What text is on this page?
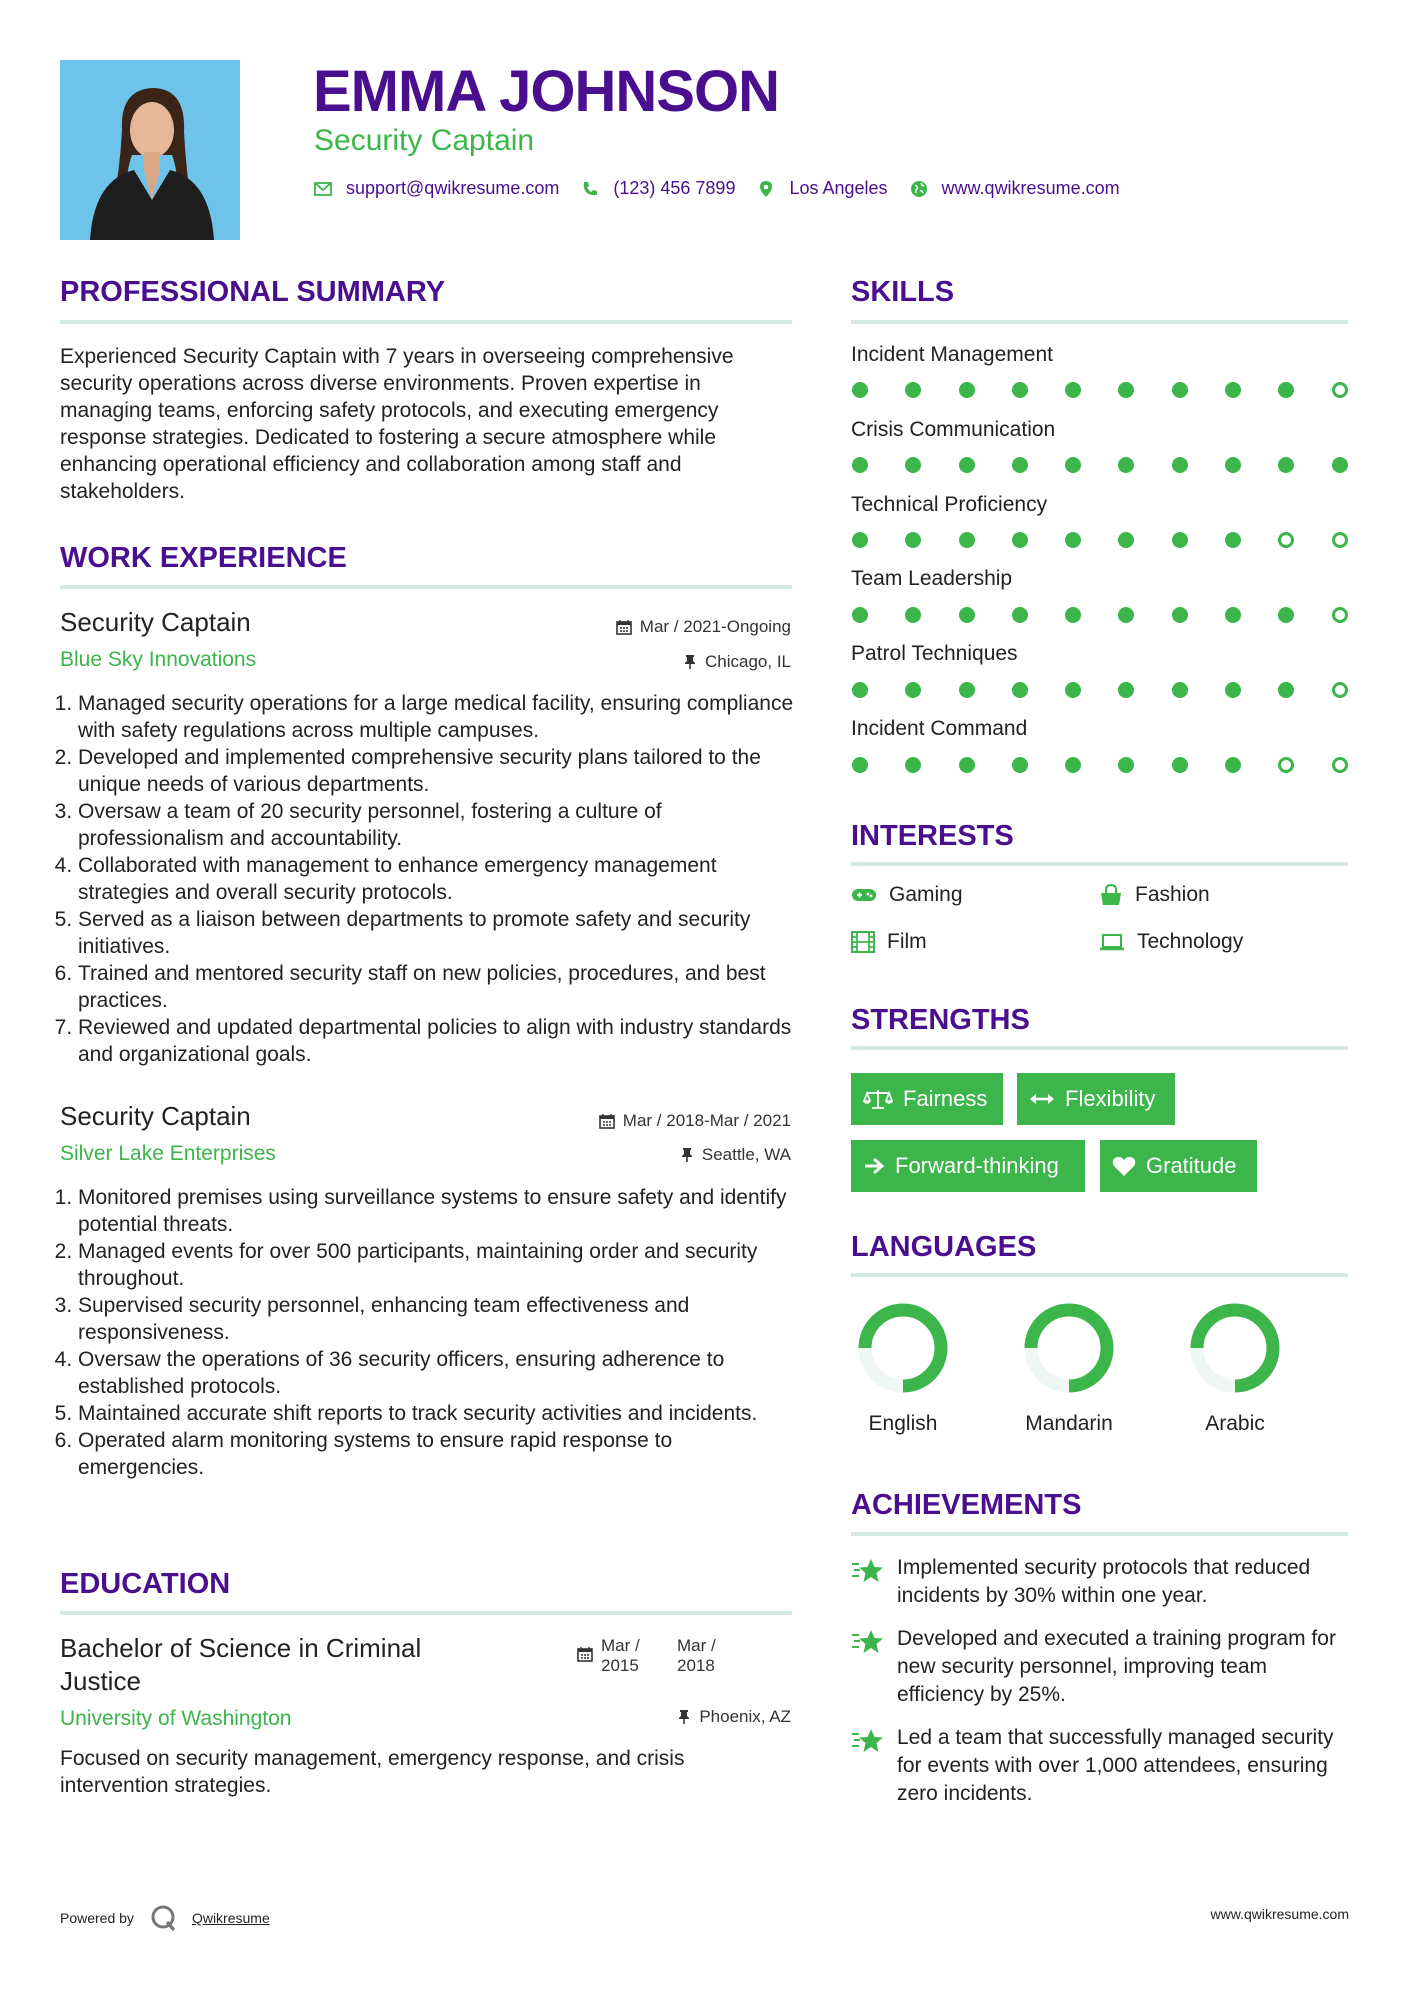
EMMA JOHNSON
Security Captain
support@qwikresume.com	(123) 456 7899	Los Angeles	www.qwikresume.com
PROFESSIONAL SUMMARY
Experienced Security Captain with 7 years in overseeing comprehensive security operations across diverse environments. Proven expertise in managing teams, enforcing safety protocols, and executing emergency response strategies. Dedicated to fostering a secure atmosphere while enhancing operational efficiency and collaboration among staff and stakeholders.
WORK EXPERIENCE
Security Captain	Mar / 2021-Ongoing
Blue Sky Innovations	Chicago, IL
1. Managed security operations for a large medical facility, ensuring compliance with safety regulations across multiple campuses.
2. Developed and implemented comprehensive security plans tailored to the unique needs of various departments.
3. Oversaw a team of 20 security personnel, fostering a culture of professionalism and accountability.
4. Collaborated with management to enhance emergency management strategies and overall security protocols.
5. Served as a liaison between departments to promote safety and security initiatives.
6. Trained and mentored security staff on new policies, procedures, and best practices.
7. Reviewed and updated departmental policies to align with industry standards and organizational goals.
Security Captain	Mar / 2018-Mar / 2021
Silver Lake Enterprises	Seattle, WA
1. Monitored premises using surveillance systems to ensure safety and identify potential threats.
2. Managed events for over 500 participants, maintaining order and security throughout.
3. Supervised security personnel, enhancing team effectiveness and responsiveness.
4. Oversaw the operations of 36 security officers, ensuring adherence to established protocols.
5. Maintained accurate shift reports to track security activities and incidents.
6. Operated alarm monitoring systems to ensure rapid response to emergencies.
EDUCATION
Bachelor of Science in Criminal Justice
Mar /
2015
Mar /
2018
University of Washington	Phoenix, AZ
Focused on security management, emergency response, and crisis intervention strategies.
SKILLS
Incident Management
Crisis Communication
Technical Proficiency
Team Leadership
Patrol Techniques
Incident Command
INTERESTS
Gaming	Fashion
Film	Technology
STRENGTHS
Fairness	Flexibility
Forward-thinking	Gratitude
LANGUAGES
English	Mandarin	Arabic
ACHIEVEMENTS
Implemented security protocols that reduced incidents by 30% within one year.
Developed and executed a training program for new security personnel, improving team efficiency by 25%.
Led a team that successfully managed security for events with over 1,000 attendees, ensuring zero incidents.
Powered by	Qwikresume	www.qwikresume.com
